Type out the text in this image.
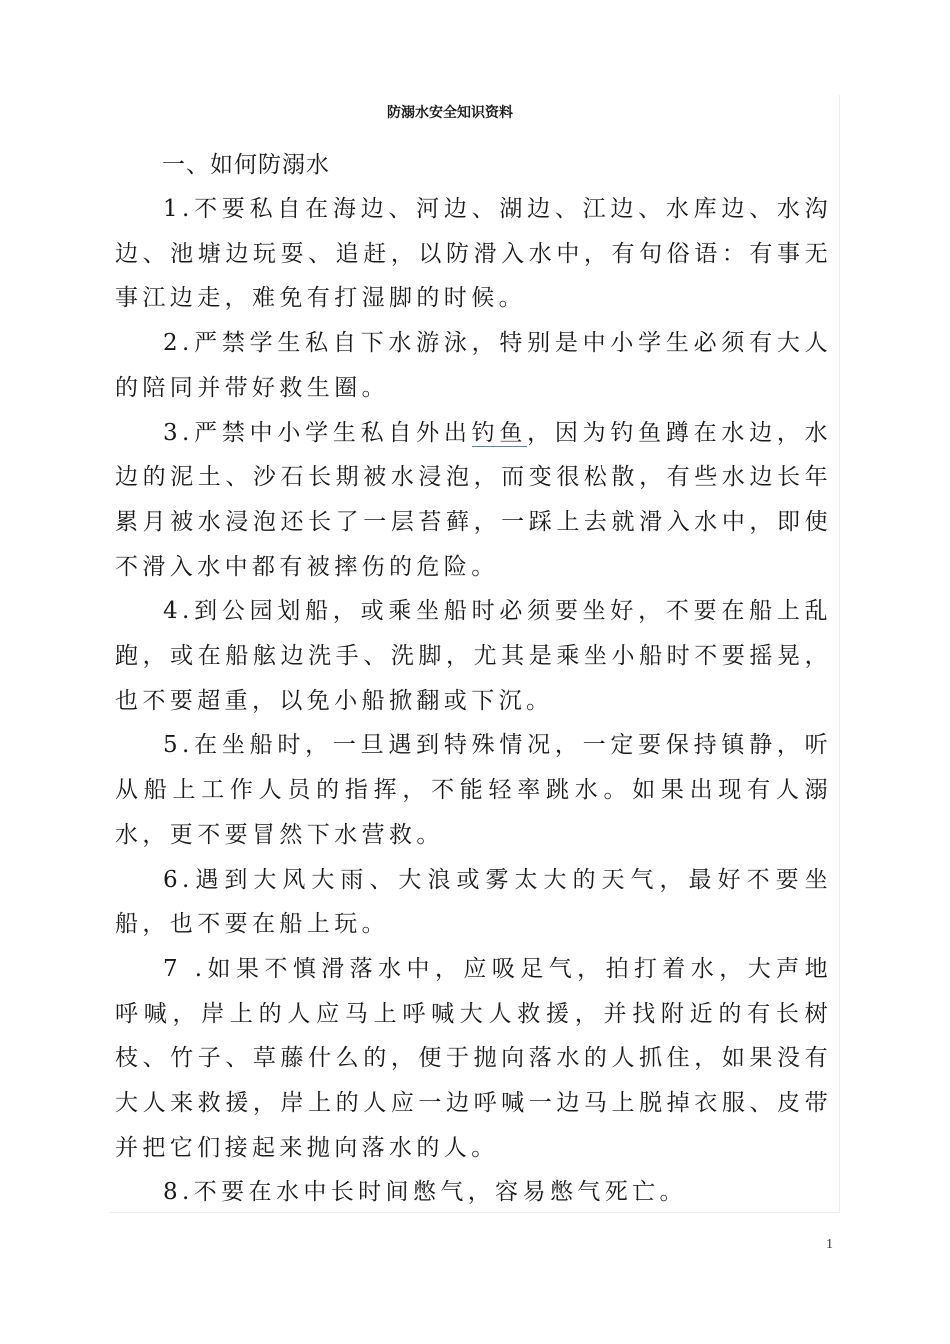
防溺水安全知识资料
一、如何防溺水

1.不要私自在海边、河边、湖边、江边、水库边、水沟边、池塘边玩耍、追赶，以防滑入水中，有句俗语：有事无事江边走，难免有打湿脚的时候。

2.严禁学生私自下水游泳，特别是中小学生必须有大人的陪同并带好救生圈。

3.严禁中小学生私自外出钓鱼，因为钓鱼蹲在水边，水边的泥土、沙石长期被水浸泡，而变很松散，有些水边长年累月被水浸泡还长了一层苔藓，一踩上去就滑入水中，即使不滑入水中都有被摔伤的危险。

4.到公园划船，或乘坐船时必须要坐好，不要在船上乱跑，或在船舷边洗手、洗脚，尤其是乘坐小船时不要摇晃，也不要超重，以免小船掀翻或下沉。

5.在坐船时，一旦遇到特殊情况，一定要保持镇静，听从船上工作人员的指挥，不能轻率跳水。如果出现有人溺水，更不要冒然下水营救。

6.遇到大风大雨、大浪或雾太大的天气，最好不要坐船，也不要在船上玩。

7 .如果不慎滑落水中，应吸足气，拍打着水，大声地呼喊，岸上的人应马上呼喊大人救援，并找附近的有长树枝、竹子、草藤什么的，便于抛向落水的人抓住，如果没有大人来救援，岸上的人应一边呼喊一边马上脱掉衣服、皮带并把它们接起来抛向落水的人。

8.不要在水中长时间憋气，容易憋气死亡。

1
